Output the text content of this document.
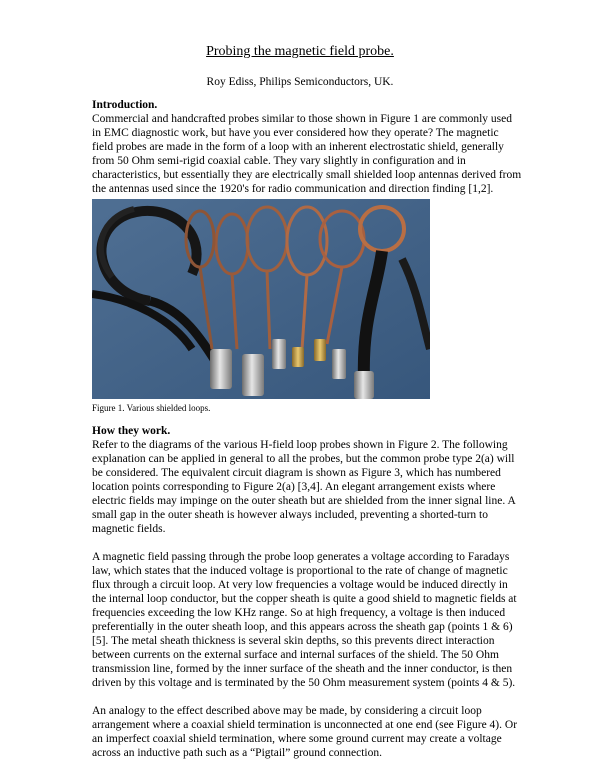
Probing the magnetic field probe.
Roy Ediss, Philips Semiconductors, UK.
Introduction.
Commercial and handcrafted probes similar to those shown in Figure 1 are commonly used in EMC diagnostic work, but have you ever considered how they operate? The magnetic field probes are made in the form of a loop with an inherent electrostatic shield, generally from 50 Ohm semi-rigid coaxial cable. They vary slightly in configuration and in characteristics, but essentially they are electrically small shielded loop antennas derived from the antennas used since the 1920's for radio communication and direction finding [1,2].
Figure 1. Various shielded loops.
How they work.
Refer to the diagrams of the various H-field loop probes shown in Figure 2. The following explanation can be applied in general to all the probes, but the common probe type 2(a) will be considered. The equivalent circuit diagram is shown as Figure 3, which has numbered location points corresponding to Figure 2(a) [3,4]. An elegant arrangement exists where electric fields may impinge on the outer sheath but are shielded from the inner signal line. A small gap in the outer sheath is however always included, preventing a shorted-turn to magnetic fields.
A magnetic field passing through the probe loop generates a voltage according to Faradays law, which states that the induced voltage is proportional to the rate of change of magnetic flux through a circuit loop. At very low frequencies a voltage would be induced directly in the internal loop conductor, but the copper sheath is quite a good shield to magnetic fields at frequencies exceeding the low KHz range. So at high frequency, a voltage is then induced preferentially in the outer sheath loop, and this appears across the sheath gap (points 1 & 6) [5]. The metal sheath thickness is several skin depths, so this prevents direct interaction between currents on the external surface and internal surfaces of the shield. The 50 Ohm transmission line, formed by the inner surface of the sheath and the inner conductor, is then driven by this voltage and is terminated by the 50 Ohm measurement system (points 4 & 5).
An analogy to the effect described above may be made, by considering a circuit loop arrangement where a coaxial shield termination is unconnected at one end (see Figure 4). Or an imperfect coaxial shield termination, where some ground current may create a voltage across an inductive path such as a “Pigtail” ground connection.
